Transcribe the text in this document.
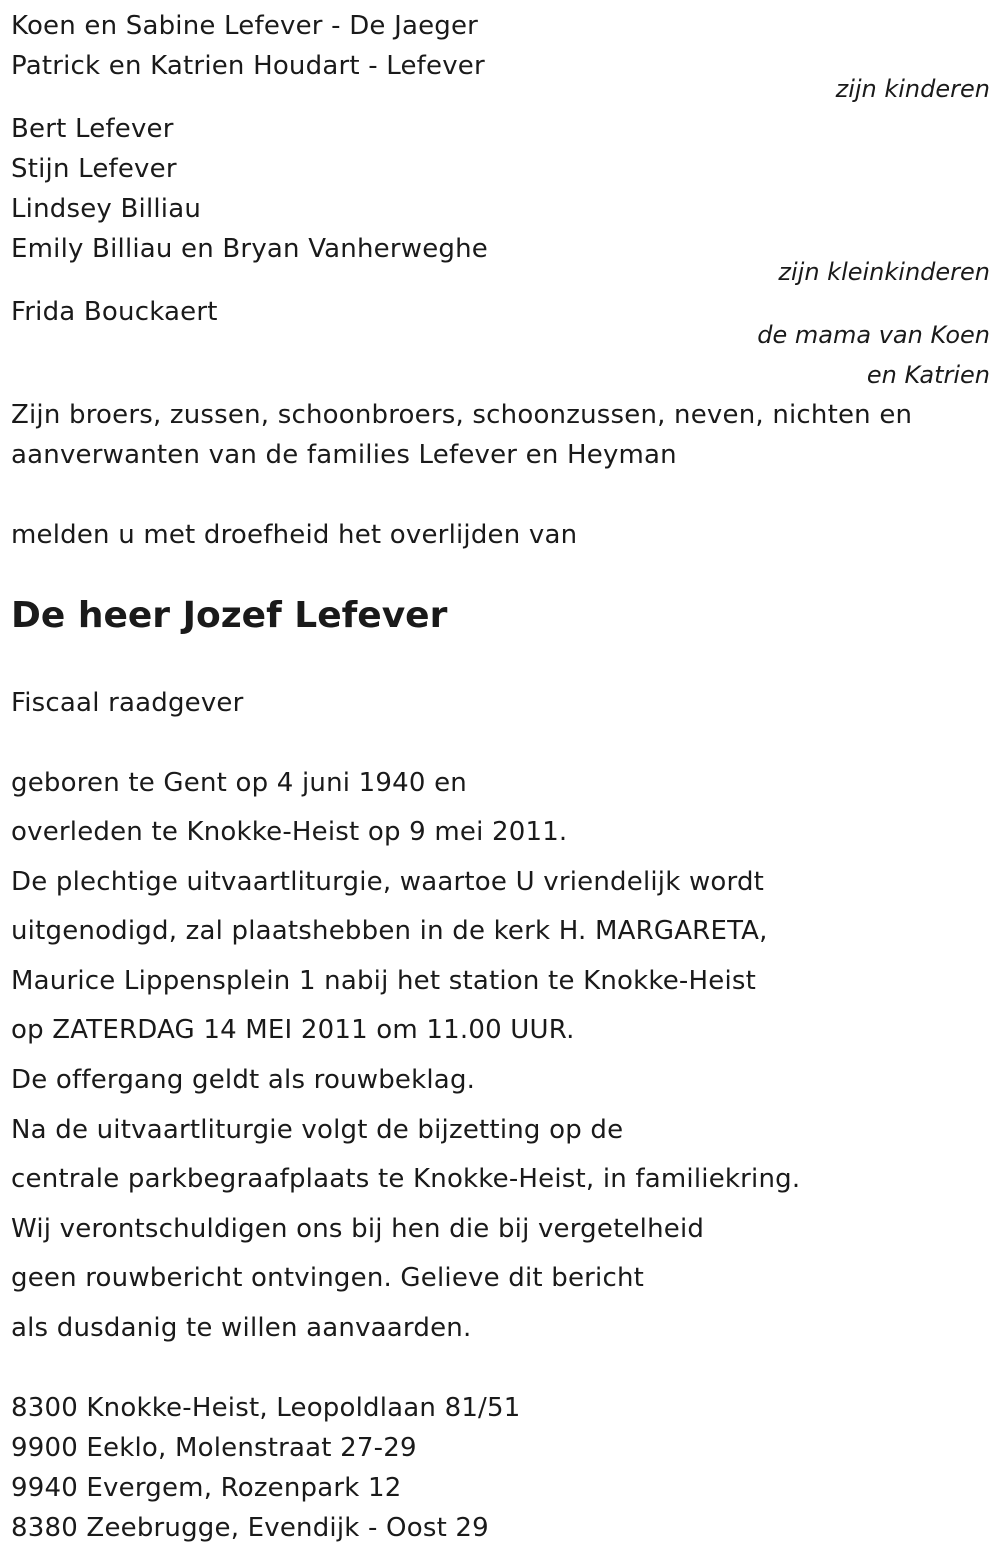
Koen en Sabine Lefever - De Jaeger
Patrick en Katrien Houdart - Lefever
zijn kinderen
Bert Lefever
Stijn Lefever
Lindsey Billiau
Emily Billiau en Bryan Vanherweghe
zijn kleinkinderen
Frida Bouckaert
de mama van Koen
en Katrien
Zijn broers, zussen, schoonbroers, schoonzussen, neven, nichten en
aanverwanten van de families Lefever en Heyman
melden u met droefheid het overlijden van
De heer Jozef Lefever
Fiscaal raadgever
geboren te Gent op 4 juni 1940 en
overleden te Knokke-Heist op 9 mei 2011.
De plechtige uitvaartliturgie, waartoe U vriendelijk wordt
uitgenodigd, zal plaatshebben in de kerk H. MARGARETA,
Maurice Lippensplein 1 nabij het station te Knokke-Heist
op ZATERDAG 14 MEI 2011 om 11.00 UUR.
De offergang geldt als rouwbeklag.
Na de uitvaartliturgie volgt de bijzetting op de
centrale parkbegraafplaats te Knokke-Heist, in familiekring.
Wij verontschuldigen ons bij hen die bij vergetelheid
geen rouwbericht ontvingen. Gelieve dit bericht
als dusdanig te willen aanvaarden.
8300 Knokke-Heist, Leopoldlaan 81/51
9900 Eeklo, Molenstraat 27-29
9940 Evergem, Rozenpark 12
8380 Zeebrugge, Evendijk - Oost 29
